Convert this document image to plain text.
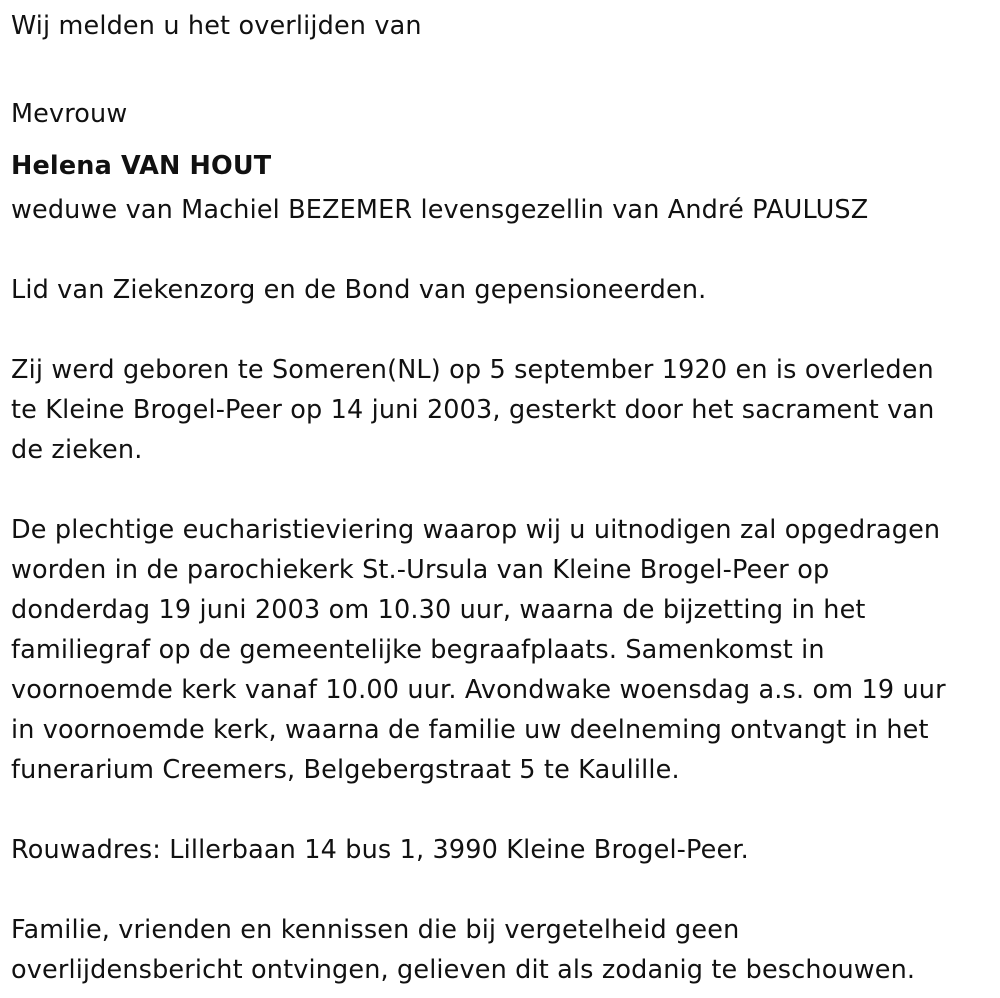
Wij melden u het overlijden van
Mevrouw
Helena VAN HOUT
weduwe van Machiel BEZEMER levensgezellin van André PAULUSZ
Lid van Ziekenzorg en de Bond van gepensioneerden.
Zij werd geboren te Someren(NL) op 5 september 1920 en is overleden
te Kleine Brogel-Peer op 14 juni 2003, gesterkt door het sacrament van
de zieken.
De plechtige eucharistieviering waarop wij u uitnodigen zal opgedragen
worden in de parochiekerk St.-Ursula van Kleine Brogel-Peer op
donderdag 19 juni 2003 om 10.30 uur, waarna de bijzetting in het
familiegraf op de gemeentelijke begraafplaats. Samenkomst in
voornoemde kerk vanaf 10.00 uur. Avondwake woensdag a.s. om 19 uur
in voornoemde kerk, waarna de familie uw deelneming ontvangt in het
funerarium Creemers, Belgebergstraat 5 te Kaulille.
Rouwadres: Lillerbaan 14 bus 1, 3990 Kleine Brogel-Peer.
Familie, vrienden en kennissen die bij vergetelheid geen
overlijdensbericht ontvingen, gelieven dit als zodanig te beschouwen.
